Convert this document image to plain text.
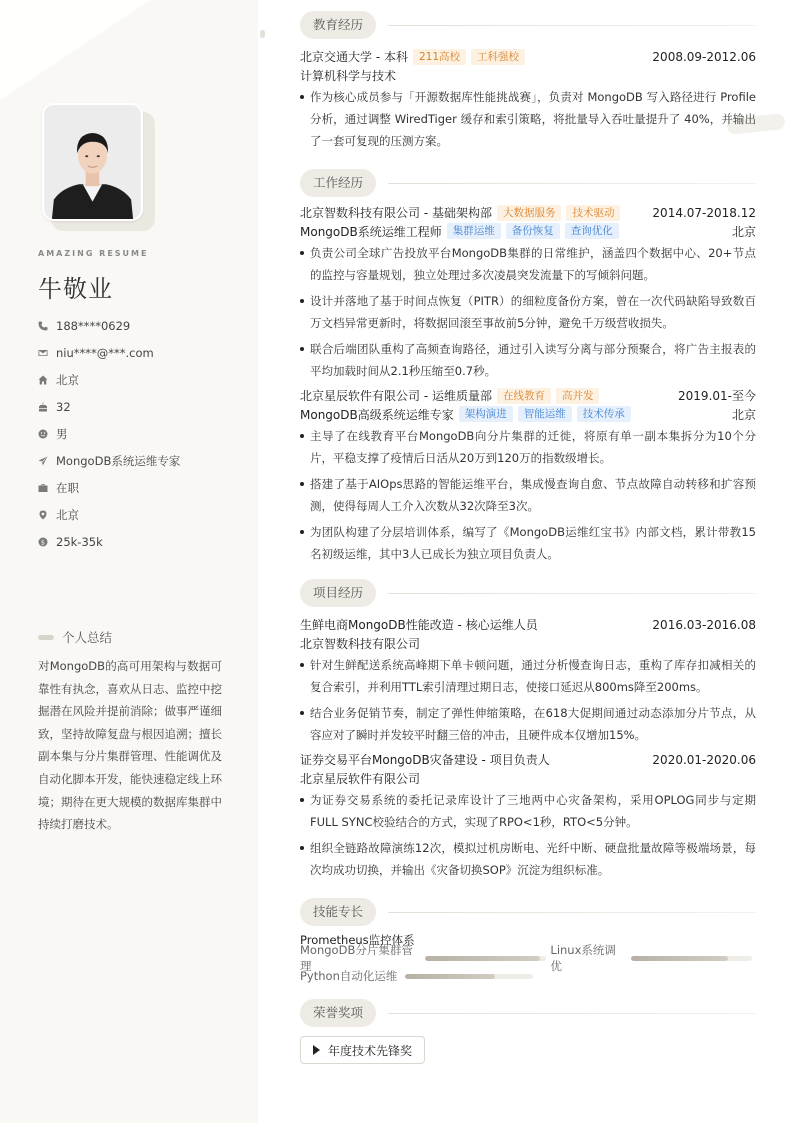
AMAZING RESUME
牛敬业
188****0629
niu****@***.com
北京
32
男
MongoDB系统运维专家
在职
北京
$ 25k-35k
个人总结
对MongoDB的高可用架构与数据可靠性有执念，喜欢从日志、监控中挖掘潜在风险并提前消除；做事严谨细致，坚持故障复盘与根因追溯；擅长副本集与分片集群管理、性能调优及自动化脚本开发，能快速稳定线上环境；期待在更大规模的数据库集群中持续打磨技术。
教育经历
北京交通大学 - 本科	211高校	工科强校	2008.09-2012.06
计算机科学与技术
作为核心成员参与「开源数据库性能挑战赛」，负责对 MongoDB 写入路径进行 Profile 分析，通过调整 WiredTiger 缓存和索引策略，将批量导入吞吐量提升了 40%，并输出了一套可复现的压测方案。
工作经历
北京智数科技有限公司 - 基础架构部	大数据服务	技术驱动	2014.07-2018.12
MongoDB系统运维工程师	集群运维	备份恢复	查询优化	北京
负责公司全球广告投放平台MongoDB集群的日常维护，涵盖四个数据中心、20+节点的监控与容量规划，独立处理过多次凌晨突发流量下的写倾斜问题。
设计并落地了基于时间点恢复（PITR）的细粒度备份方案，曾在一次代码缺陷导致数百万文档异常更新时，将数据回滚至事故前5分钟，避免千万级营收损失。
联合后端团队重构了高频查询路径，通过引入读写分离与部分预聚合，将广告主报表的平均加载时间从2.1秒压缩至0.7秒。
北京星辰软件有限公司 - 运维质量部	在线教育	高并发	2019.01-至今
MongoDB高级系统运维专家	架构演进	智能运维	技术传承	北京
主导了在线教育平台MongoDB向分片集群的迁徙，将原有单一副本集拆分为10个分片，平稳支撑了疫情后日活从20万到120万的指数级增长。
搭建了基于AIOps思路的智能运维平台，集成慢查询自愈、节点故障自动转移和扩容预测，使得每周人工介入次数从32次降至3次。
为团队构建了分层培训体系，编写了《MongoDB运维红宝书》内部文档，累计带教15名初级运维，其中3人已成长为独立项目负责人。
项目经历
生鲜电商MongoDB性能改造 - 核心运维人员	2016.03-2016.08
北京智数科技有限公司
针对生鲜配送系统高峰期下单卡顿问题，通过分析慢查询日志，重构了库存扣减相关的复合索引，并利用TTL索引清理过期日志，使接口延迟从800ms降至200ms。
结合业务促销节奏，制定了弹性伸缩策略，在618大促期间通过动态添加分片节点，从容应对了瞬时并发较平时翻三倍的冲击，且硬件成本仅增加15%。
证券交易平台MongoDB灾备建设 - 项目负责人	2020.01-2020.06
北京星辰软件有限公司
为证券交易系统的委托记录库设计了三地两中心灾备架构，采用OPLOG同步与定期FULL SYNC校验结合的方式，实现了RPO<1秒，RTO<5分钟。
组织全链路故障演练12次，模拟过机房断电、光纤中断、硬盘批量故障等极端场景，每次均成功切换，并输出《灾备切换SOP》沉淀为组织标准。
技能专长
Prometheus监控体系
MongoDB分片集群管理
Linux系统调优
Python自动化运维
荣誉奖项
年度技术先锋奖
